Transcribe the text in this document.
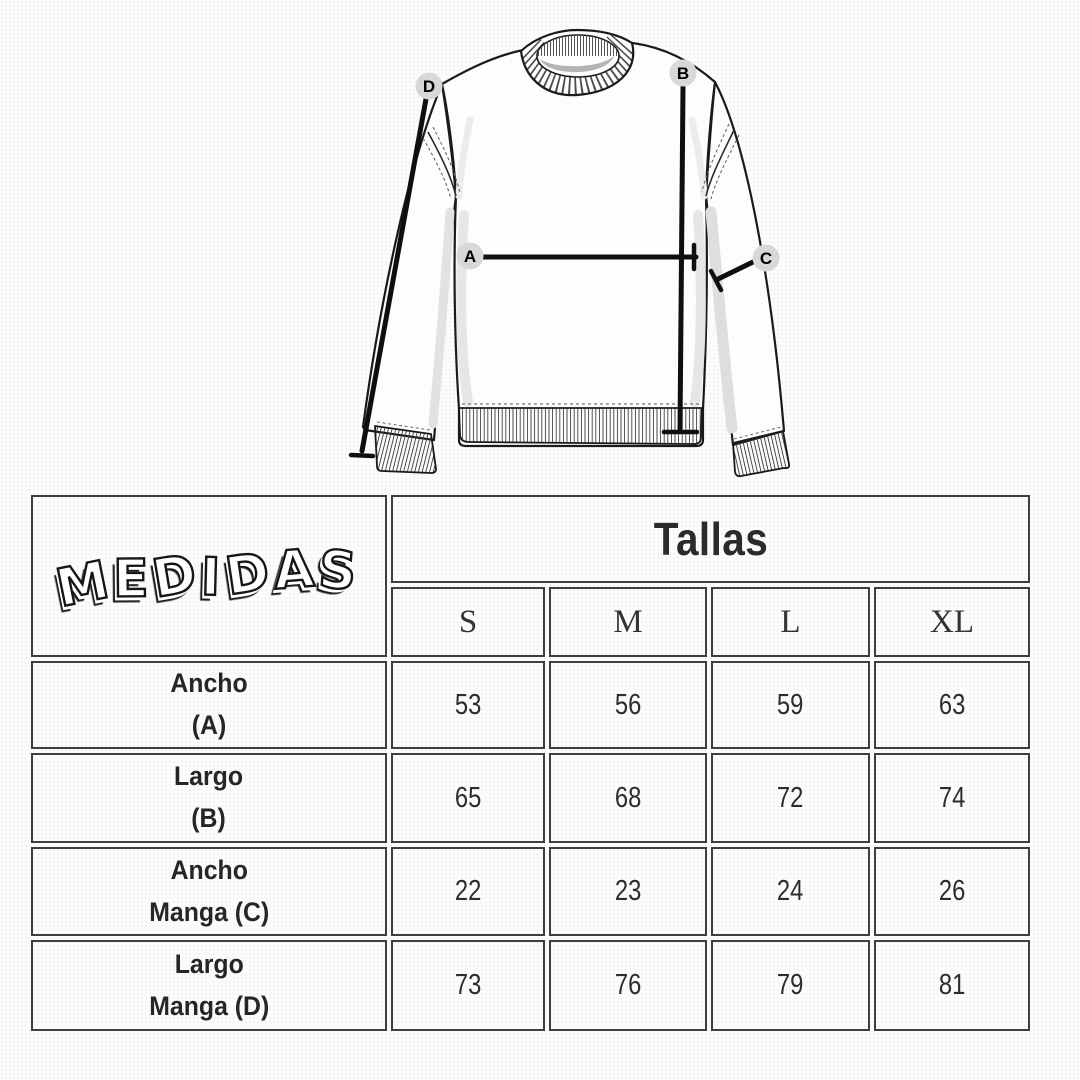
A
B
C
D
MEDIDAS
Tallas
S	M	L	XL
Ancho
(A)
53	56	59	63
Largo
(B)
65	68	72	74
Ancho
Manga (C)
22	23	24	26
Largo
Manga (D)
73	76	79	81
